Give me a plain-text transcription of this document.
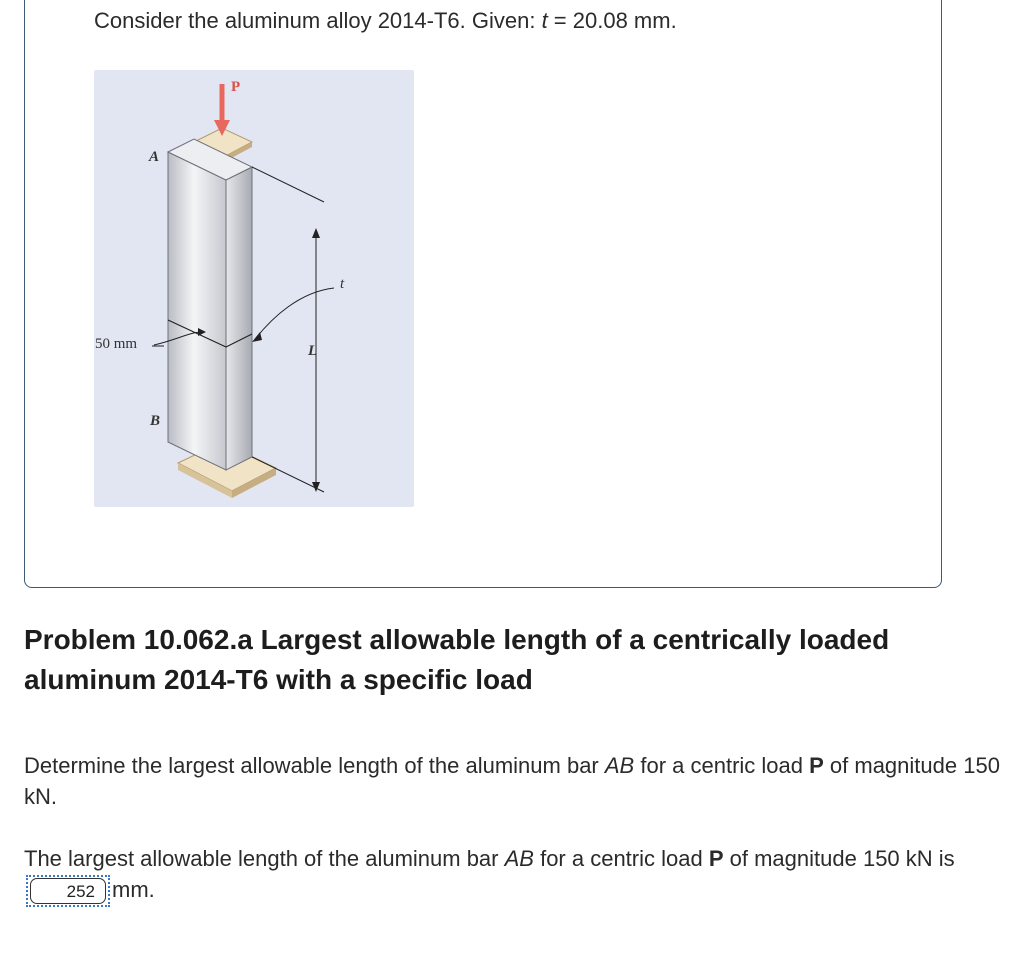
Consider the aluminum alloy 2014-T6. Given: t = 20.08 mm.
P
A
B
t
L
50 mm
Problem 10.062.a Largest allowable length of a centrically loaded aluminum 2014-T6 with a specific load

Determine the largest allowable length of the aluminum bar AB for a centric load P of magnitude 150 kN.

The largest allowable length of the aluminum bar AB for a centric load P of magnitude 150 kN is252 mm.
